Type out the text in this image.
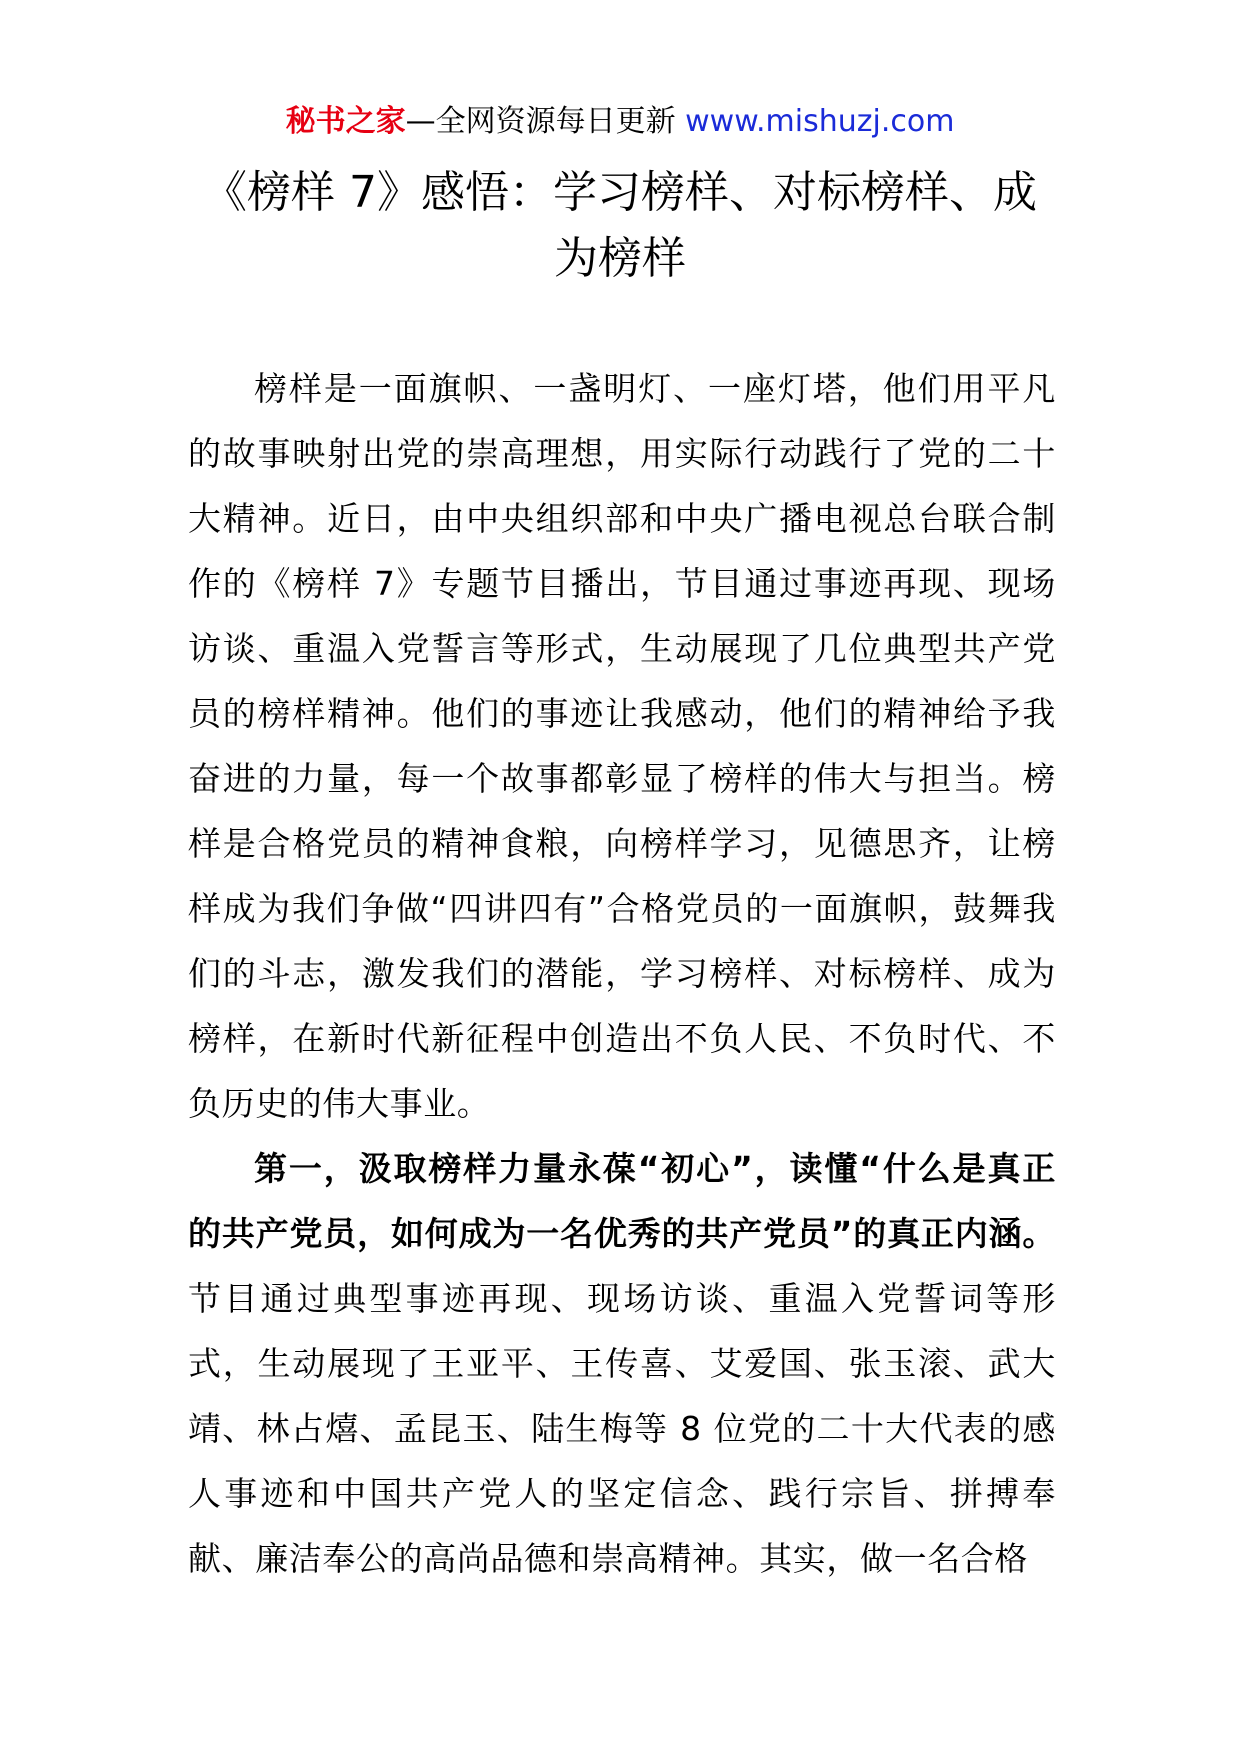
秘书之家—全网资源每日更新 www.mishuzj.com
《榜样 7》感悟：学习榜样、对标榜样、成为榜样

榜样是一面旗帜、一盏明灯、一座灯塔，他们用平凡的故事映射出党的崇高理想，用实际行动践行了党的二十大精神。近日，由中央组织部和中央广播电视总台联合制作的《榜样 7》专题节目播出，节目通过事迹再现、现场访谈、重温入党誓言等形式，生动展现了几位典型共产党员的榜样精神。他们的事迹让我感动，他们的精神给予我奋进的力量，每一个故事都彰显了榜样的伟大与担当。榜样是合格党员的精神食粮，向榜样学习，见德思齐，让榜样成为我们争做“四讲四有”合格党员的一面旗帜，鼓舞我们的斗志，激发我们的潜能，学习榜样、对标榜样、成为榜样，在新时代新征程中创造出不负人民、不负时代、不负历史的伟大事业。

第一，汲取榜样力量永葆“初心”，读懂“什么是真正的共产党员，如何成为一名优秀的共产党员”的真正内涵。节目通过典型事迹再现、现场访谈、重温入党誓词等形式，生动展现了王亚平、王传喜、艾爱国、张玉滚、武大靖、林占熺、孟昆玉、陆生梅等 8 位党的二十大代表的感人事迹和中国共产党人的坚定信念、践行宗旨、拼搏奉献、廉洁奉公的高尚品德和崇高精神。其实，做一名合格
